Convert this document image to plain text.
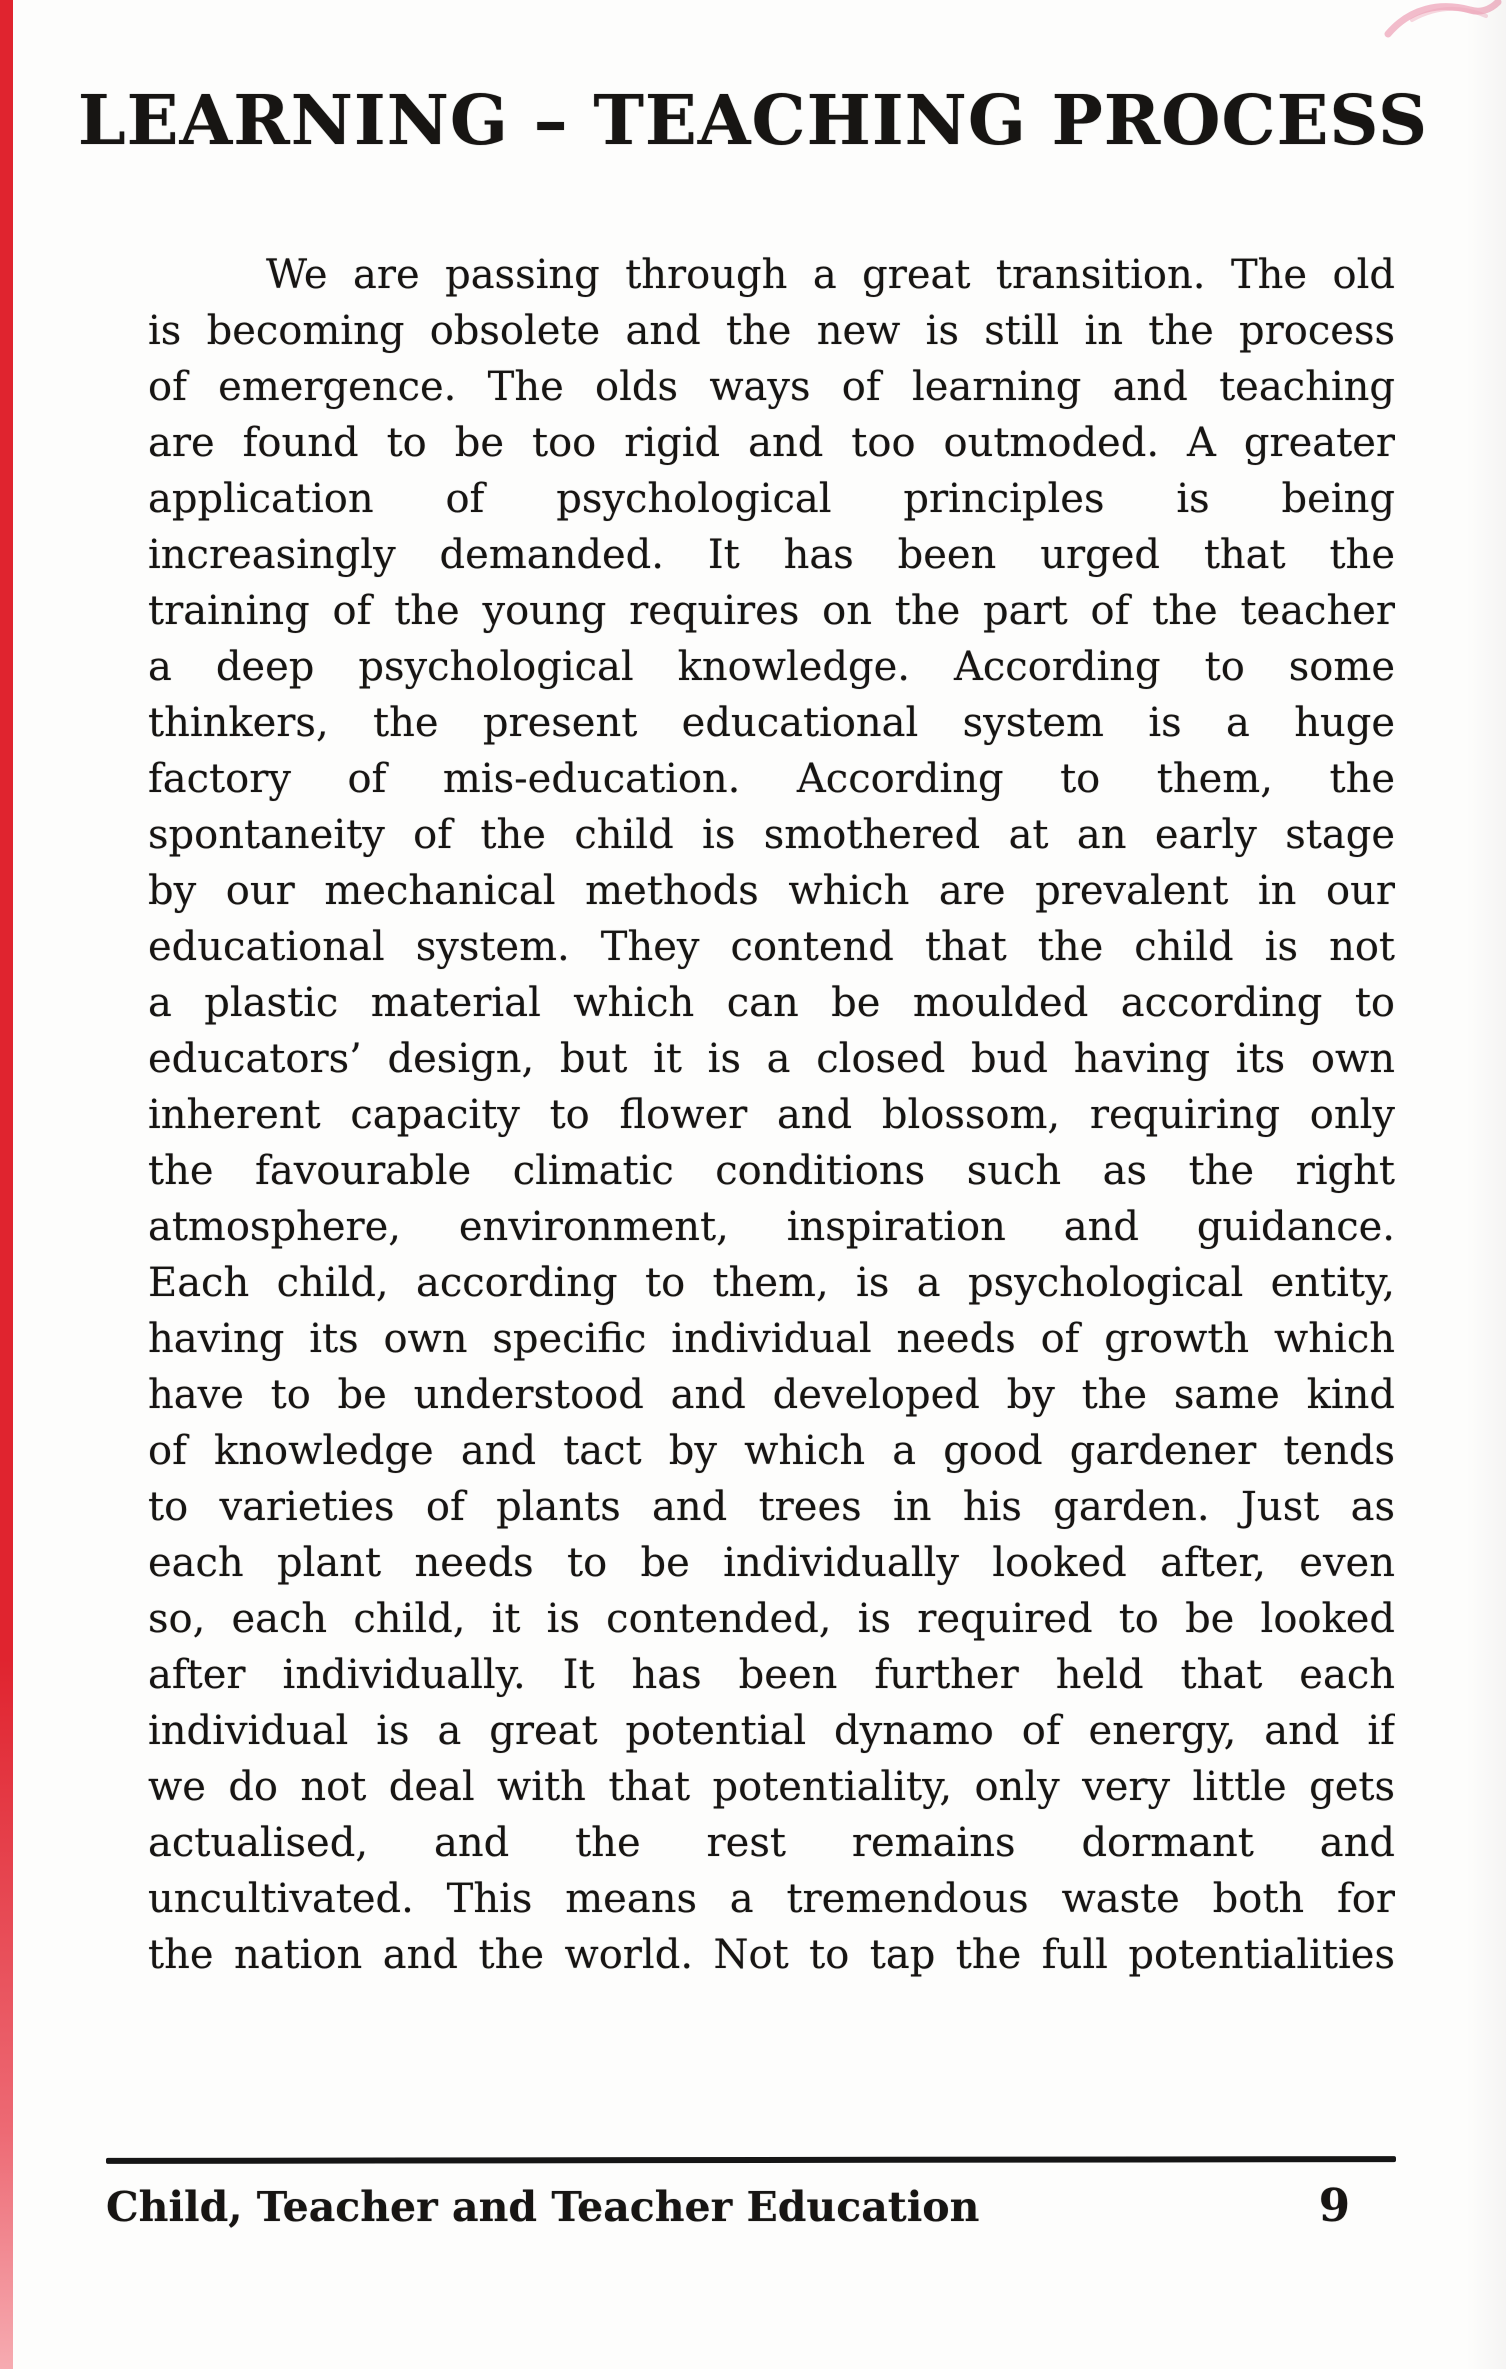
LEARNING – TEACHING PROCESS
We are passing through a great transition. The old
is becoming obsolete and the new is still in the process
of emergence. The olds ways of learning and teaching
are found to be too rigid and too outmoded. A greater
application of psychological principles is being
increasingly demanded. It has been urged that the
training of the young requires on the part of the teacher
a deep psychological knowledge. According to some
thinkers, the present educational system is a huge
factory of mis-education. According to them, the
spontaneity of the child is smothered at an early stage
by our mechanical methods which are prevalent in our
educational system. They contend that the child is not
a plastic material which can be moulded according to
educators’ design, but it is a closed bud having its own
inherent capacity to flower and blossom, requiring only
the favourable climatic conditions such as the right
atmosphere, environment, inspiration and guidance.
Each child, according to them, is a psychological entity,
having its own specific individual needs of growth which
have to be understood and developed by the same kind
of knowledge and tact by which a good gardener tends
to varieties of plants and trees in his garden. Just as
each plant needs to be individually looked after, even
so, each child, it is contended, is required to be looked
after individually. It has been further held that each
individual is a great potential dynamo of energy, and if
we do not deal with that potentiality, only very little gets
actualised, and the rest remains dormant and
uncultivated. This means a tremendous waste both for
the nation and the world. Not to tap the full potentialities
Child, Teacher and Teacher Education	9
